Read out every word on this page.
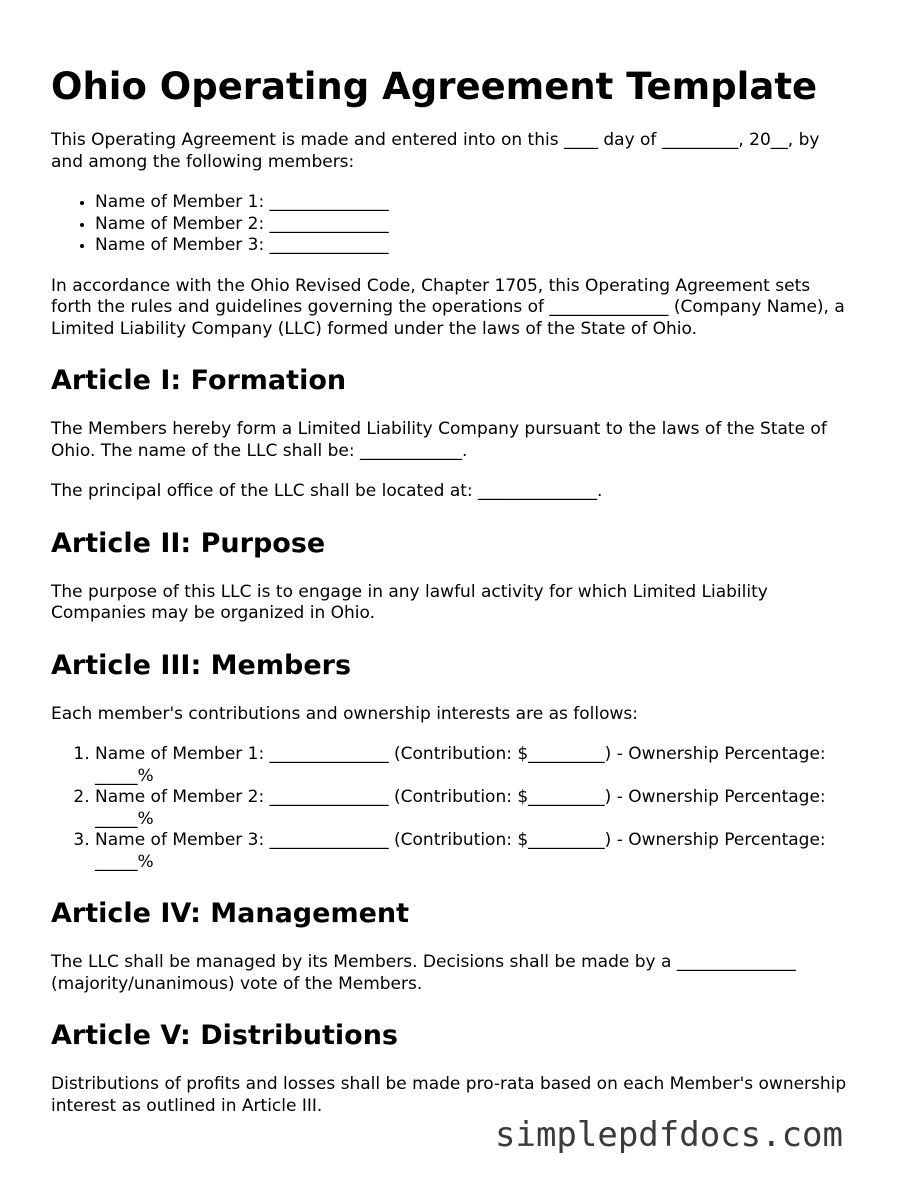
Ohio Operating Agreement Template

This Operating Agreement is made and entered into on this ____ day of _________, 20__, by and among the following members:

• Name of Member 1: ______________
• Name of Member 2: ______________
• Name of Member 3: ______________

In accordance with the Ohio Revised Code, Chapter 1705, this Operating Agreement sets forth the rules and guidelines governing the operations of ______________ (Company Name), a Limited Liability Company (LLC) formed under the laws of the State of Ohio.

Article I: Formation

The Members hereby form a Limited Liability Company pursuant to the laws of the State of Ohio. The name of the LLC shall be: ____________.

The principal office of the LLC shall be located at: ______________.

Article II: Purpose

The purpose of this LLC is to engage in any lawful activity for which Limited Liability Companies may be organized in Ohio.

Article III: Members

Each member's contributions and ownership interests are as follows:

1. Name of Member 1: ______________ (Contribution: $_________) - Ownership Percentage: _____%
2. Name of Member 2: ______________ (Contribution: $_________) - Ownership Percentage: _____%
3. Name of Member 3: ______________ (Contribution: $_________) - Ownership Percentage: _____%
Article IV: Management

The LLC shall be managed by its Members. Decisions shall be made by a ______________ (majority/unanimous) vote of the Members.

Article V: Distributions

Distributions of profits and losses shall be made pro-rata based on each Member's ownership interest as outlined in Article III.

simplepdfdocs.com
